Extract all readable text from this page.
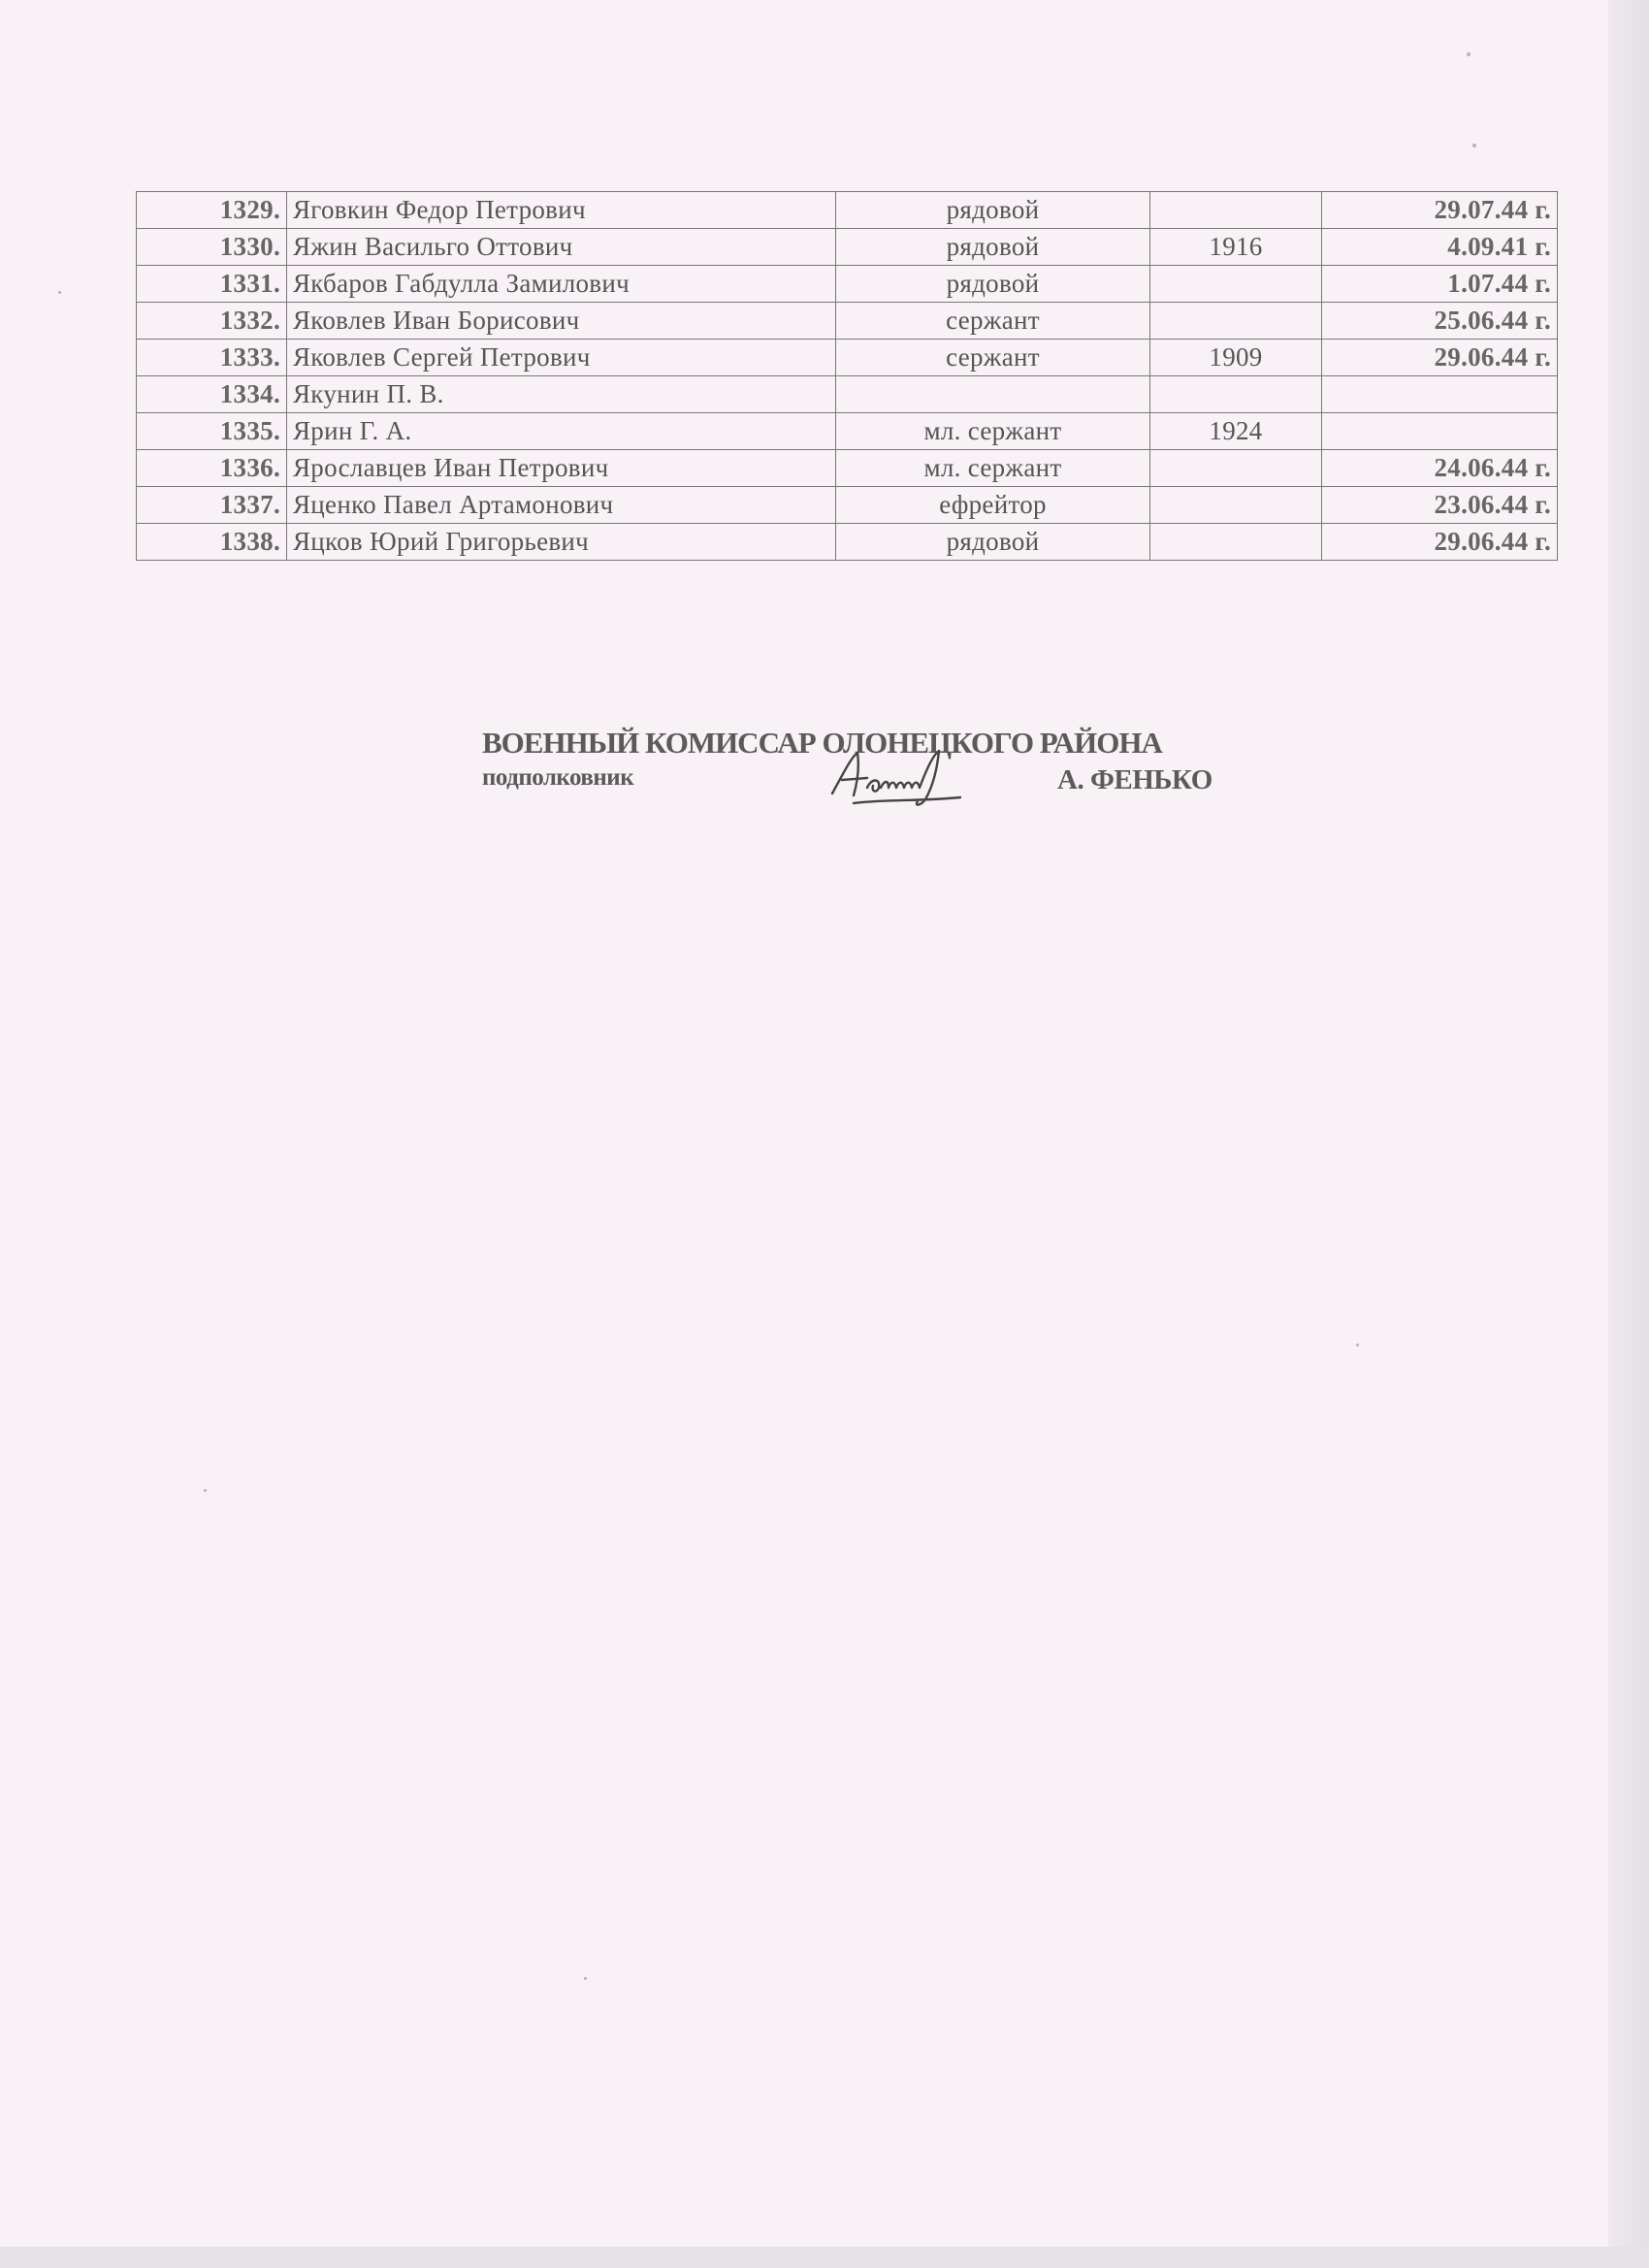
1329.	Яговкин Федор Петрович	рядовой		29.07.44 г.
1330.	Яжин Васильго Оттович	рядовой	1916	4.09.41 г.
1331.	Якбаров Габдулла Замилович	рядовой		1.07.44 г.
1332.	Яковлев Иван Борисович	сержант		25.06.44 г.
1333.	Яковлев Сергей Петрович	сержант	1909	29.06.44 г.
1334.	Якунин П. В.			
1335.	Ярин Г. А.	мл. сержант	1924	
1336.	Ярославцев Иван Петрович	мл. сержант		24.06.44 г.
1337.	Яценко Павел Артамонович	ефрейтор		23.06.44 г.
1338.	Яцков Юрий Григорьевич	рядовой		29.06.44 г.
ВОЕННЫЙ КОМИССАР ОЛОНЕЦКОГО РАЙОНА
подполковник	А. ФЕНЬКО
